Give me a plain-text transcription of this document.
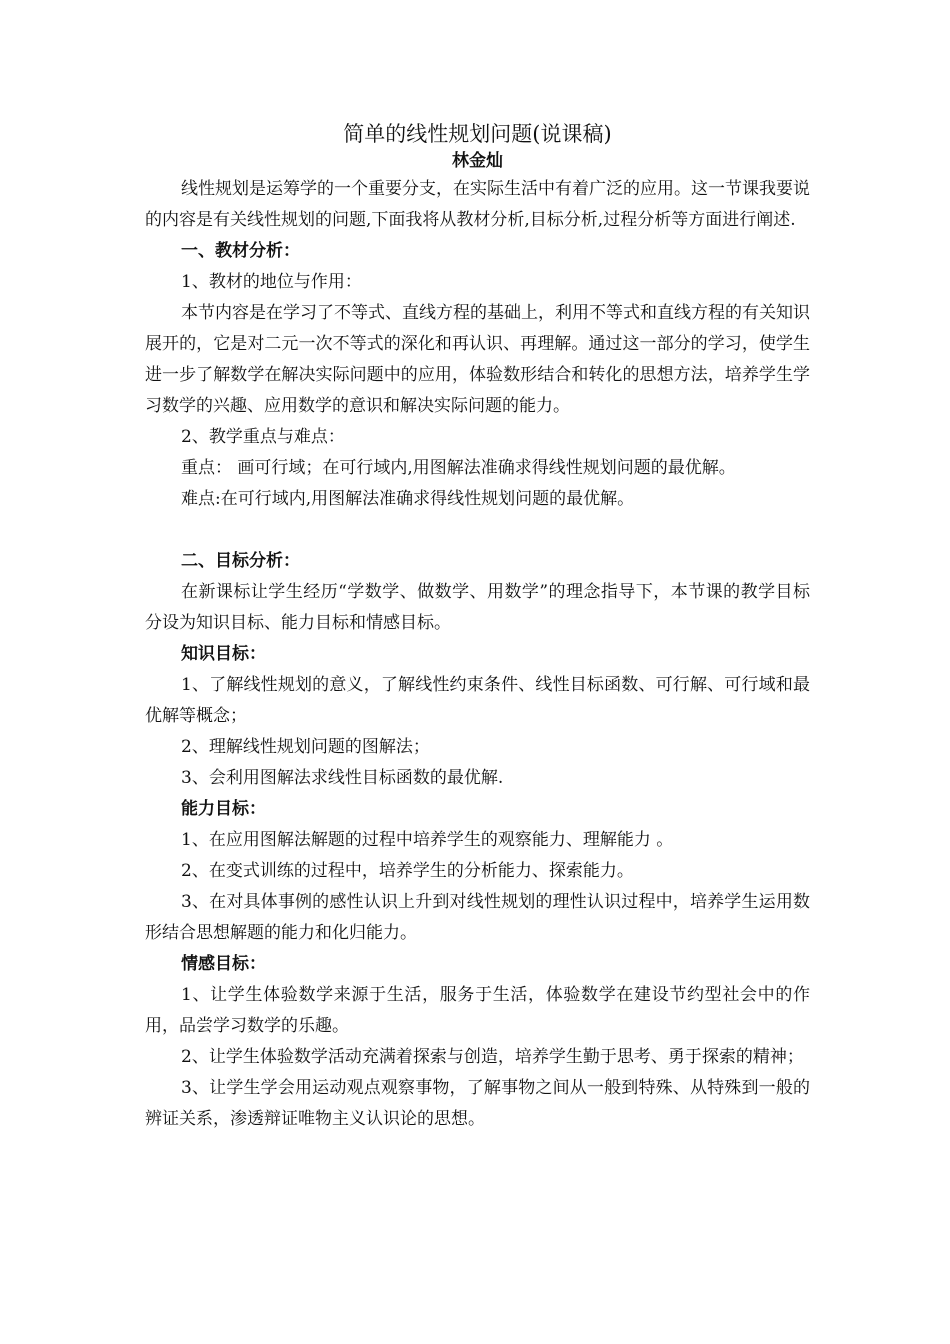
简单的线性规划问题(说课稿)
林金灿

线性规划是运筹学的一个重要分支，在实际生活中有着广泛的应用。这一节课我要说的内容是有关线性规划的问题,下面我将从教材分析,目标分析,过程分析等方面进行阐述.

一、教材分析：

1、教材的地位与作用：

本节内容是在学习了不等式、直线方程的基础上，利用不等式和直线方程的有关知识展开的，它是对二元一次不等式的深化和再认识、再理解。通过这一部分的学习，使学生进一步了解数学在解决实际问题中的应用，体验数形结合和转化的思想方法，培养学生学习数学的兴趣、应用数学的意识和解决实际问题的能力。

2、教学重点与难点：

重点： 画可行域；在可行域内,用图解法准确求得线性规划问题的最优解。

难点:在可行域内,用图解法准确求得线性规划问题的最优解。

二、目标分析：

在新课标让学生经历“学数学、做数学、用数学”的理念指导下，本节课的教学目标分设为知识目标、能力目标和情感目标。

知识目标：

1、了解线性规划的意义，了解线性约束条件、线性目标函数、可行解、可行域和最优解等概念；

2、理解线性规划问题的图解法；

3、会利用图解法求线性目标函数的最优解.

能力目标：

1、在应用图解法解题的过程中培养学生的观察能力、理解能力 。

2、在变式训练的过程中，培养学生的分析能力、探索能力。

3、在对具体事例的感性认识上升到对线性规划的理性认识过程中，培养学生运用数形结合思想解题的能力和化归能力。

情感目标：

1、让学生体验数学来源于生活，服务于生活，体验数学在建设节约型社会中的作用，品尝学习数学的乐趣。

2、让学生体验数学活动充满着探索与创造，培养学生勤于思考、勇于探索的精神；

3、让学生学会用运动观点观察事物，了解事物之间从一般到特殊、从特殊到一般的辨证关系，渗透辩证唯物主义认识论的思想。
